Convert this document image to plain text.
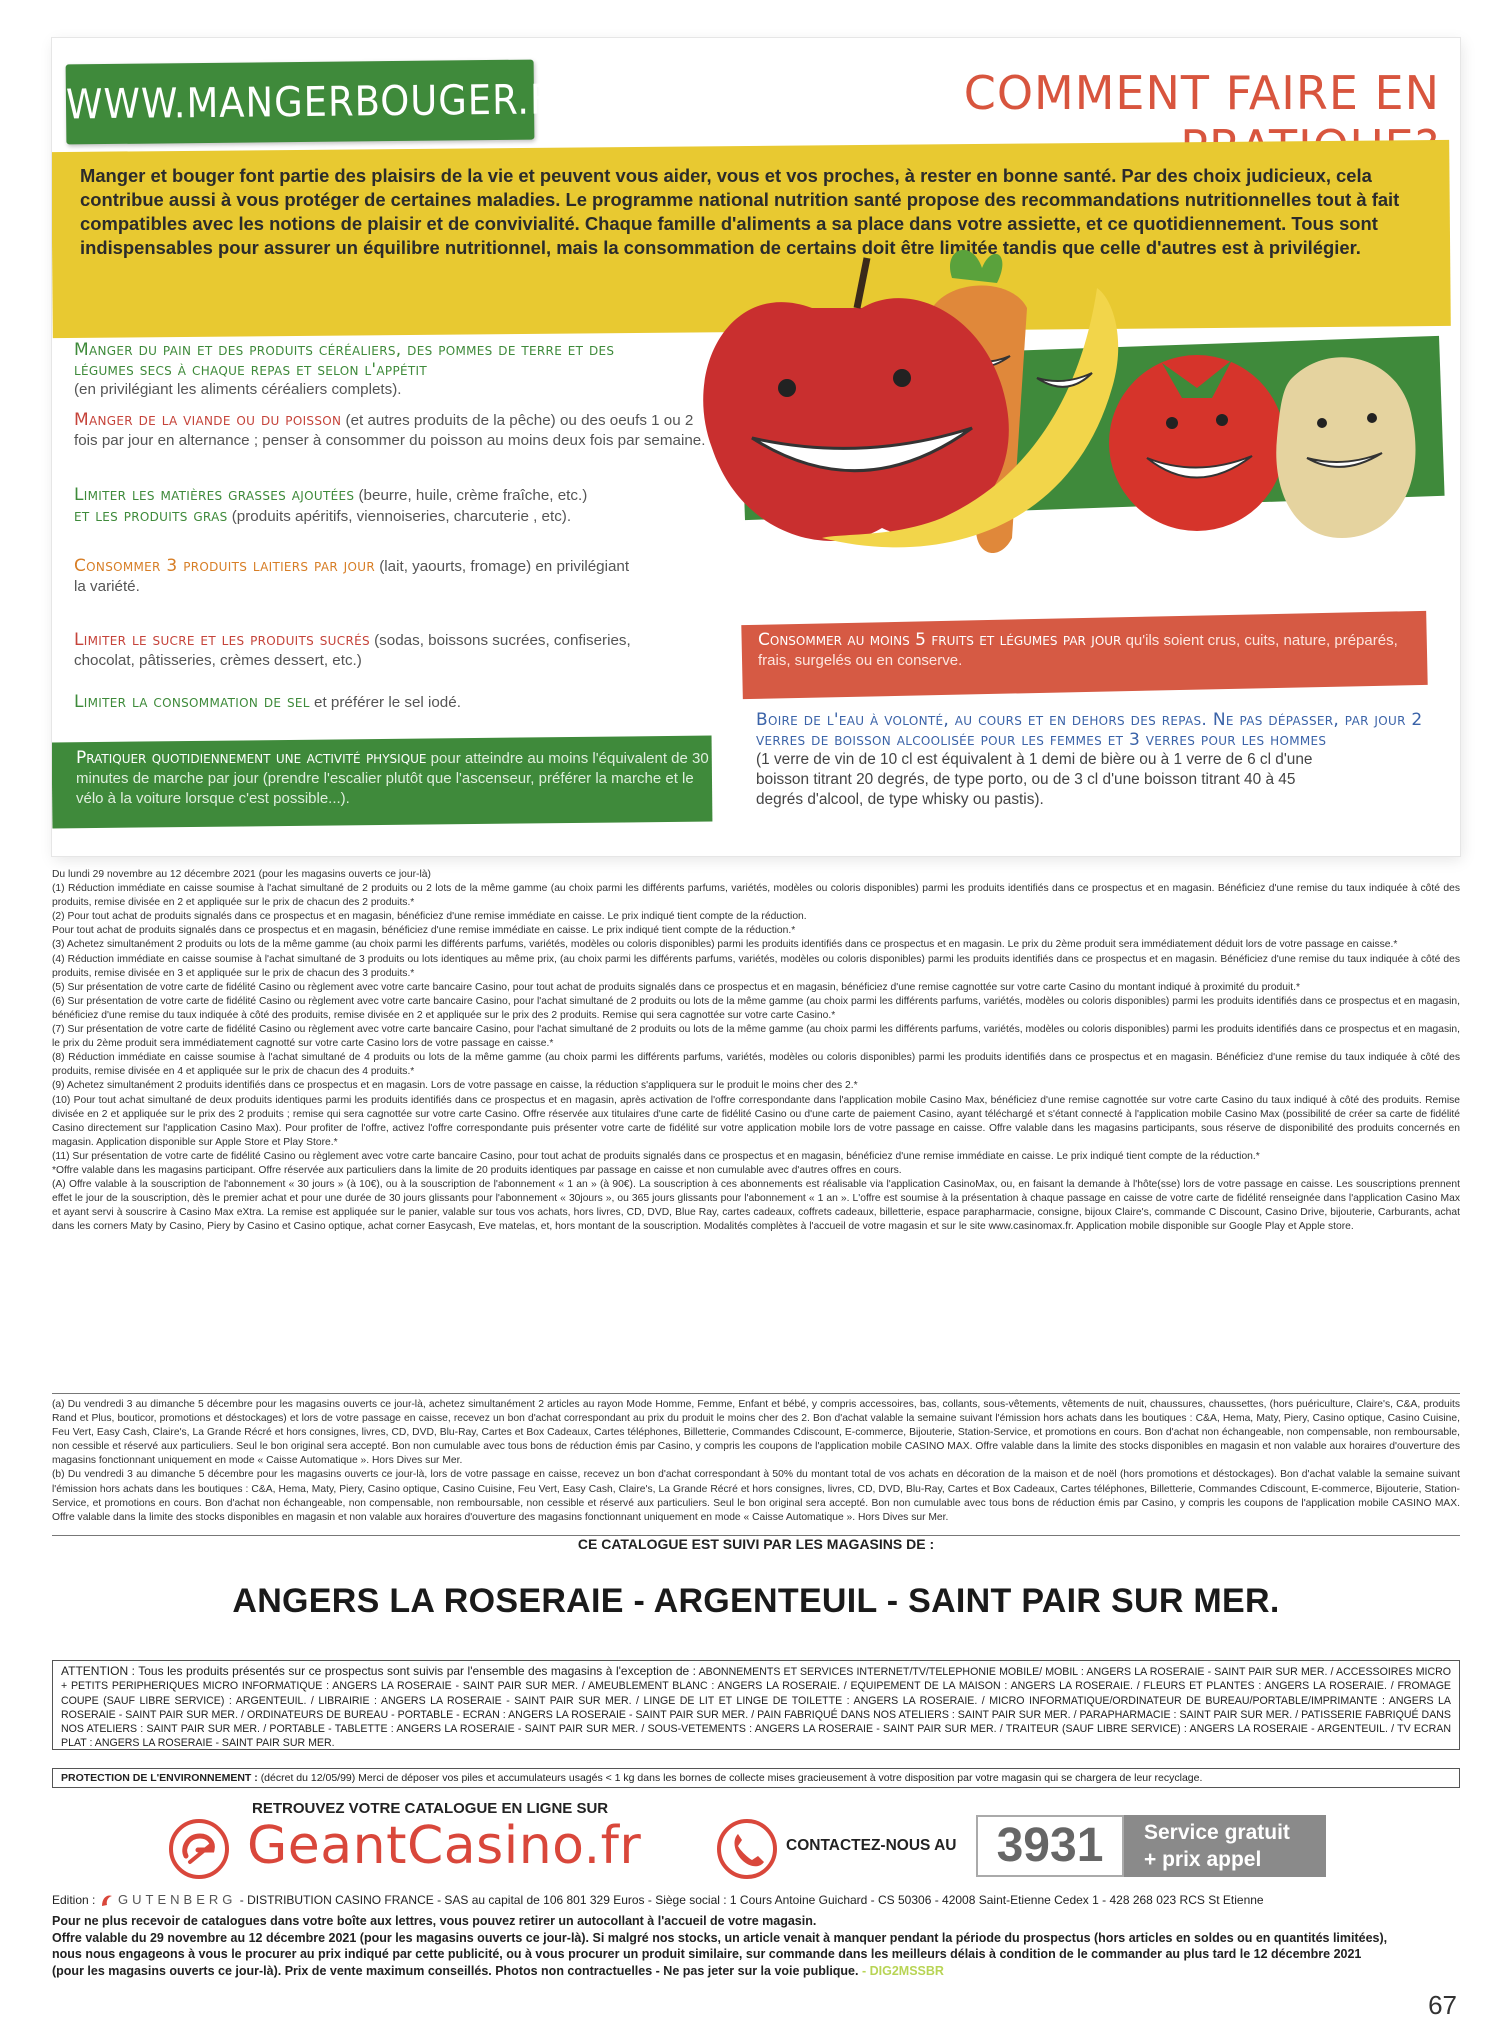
WWW.MANGERBOUGER.FR	COMMENT FAIRE EN
Manger et bouger font partie des plaisirs de la vie et peuvent vous aider, vous et vos proches, à rester en bonne santé. Par des choix judicieux, cela contribue aussi à vous protéger de certaines maladies. Le programme national nutrition santé propose des recommandations nutritionnelles tout à fait compatibles avec les notions de plaisir et de convivialité. Chaque famille d'aliments a sa place dans votre assiette, et ce quotidiennement. Tous sont indispensables pour assurer un équilibre nutritionnel, mais la consommation de certains doit être limitée tandis que celle d'autres est à privilégier.
Manger du pain et des produits céréaliers, des pommes de terre et des légumes secs à chaque repas et selon l'appétit
(en privilégiant les aliments céréaliers complets).
Manger de la viande ou du poisson (et autres produits de la pêche) ou des oeufs 1 ou 2 fois par jour en alternance ; penser à consommer du poisson au moins deux fois par semaine.
Limiter les matières grasses ajoutées (beurre, huile, crème fraîche, etc.)
et les produits gras (produits apéritifs, viennoiseries, charcuterie , etc).
Consommer 3 produits laitiers par jour (lait, yaourts, fromage) en privilégiant la variété.
Limiter le sucre et les produits sucrés (sodas, boissons sucrées, confiseries, chocolat, pâtisseries, crèmes dessert, etc.)
Limiter la consommation de sel et préférer le sel iodé.
Pratiquer quotidiennement une activité physique pour atteindre au moins l'équivalent de 30 minutes de marche par jour (prendre l'escalier plutôt que l'ascenseur, préférer la marche et le vélo à la voiture lorsque c'est possible...).
Consommer au moins 5 fruits et légumes par jour qu'ils soient crus, cuits, nature, préparés, frais, surgelés ou en conserve.
Boire de l'eau à volonté, au cours et en dehors des repas. Ne pas dépasser, par jour 2 verres de boisson alcoolisée pour les femmes et 3 verres pour les hommes
(1 verre de vin de 10 cl est équivalent à 1 demi de bière ou à 1 verre de 6 cl d'une boisson titrant 20 degrés, de type porto, ou de 3 cl d'une boisson titrant 40 à 45 degrés d'alcool, de type whisky ou pastis).

Du lundi 29 novembre au 12 décembre 2021 (pour les magasins ouverts ce jour-là)

(1) Réduction immédiate en caisse soumise à l'achat simultané de 2 produits ou 2 lots de la même gamme (au choix parmi les différents parfums, variétés, modèles ou coloris disponibles) parmi les produits identifiés dans ce prospectus et en magasin. Bénéficiez d'une remise du taux indiquée à côté des produits, remise divisée en 2 et appliquée sur le prix de chacun des 2 produits.*

(2) Pour tout achat de produits signalés dans ce prospectus et en magasin, bénéficiez d'une remise immédiate en caisse. Le prix indiqué tient compte de la réduction.

Pour tout achat de produits signalés dans ce prospectus et en magasin, bénéficiez d'une remise immédiate en caisse. Le prix indiqué tient compte de la réduction.*

(3) Achetez simultanément 2 produits ou lots de la même gamme (au choix parmi les différents parfums, variétés, modèles ou coloris disponibles) parmi les produits identifiés dans ce prospectus et en magasin. Le prix du 2ème produit sera immédiatement déduit lors de votre passage en caisse.*

(4) Réduction immédiate en caisse soumise à l'achat simultané de 3 produits ou lots identiques au même prix, (au choix parmi les différents parfums, variétés, modèles ou coloris disponibles) parmi les produits identifiés dans ce prospectus et en magasin. Bénéficiez d'une remise du taux indiquée à côté des produits, remise divisée en 3 et appliquée sur le prix de chacun des 3 produits.*

(5) Sur présentation de votre carte de fidélité Casino ou règlement avec votre carte bancaire Casino, pour tout achat de produits signalés dans ce prospectus et en magasin, bénéficiez d'une remise cagnottée sur votre carte Casino du montant indiqué à proximité du produit.*

(6) Sur présentation de votre carte de fidélité Casino ou règlement avec votre carte bancaire Casino, pour l'achat simultané de 2 produits ou lots de la même gamme (au choix parmi les différents parfums, variétés, modèles ou coloris disponibles) parmi les produits identifiés dans ce prospectus et en magasin, bénéficiez d'une remise du taux indiquée à côté des produits, remise divisée en 2 et appliquée sur le prix des 2 produits. Remise qui sera cagnottée sur votre carte Casino.*

(7) Sur présentation de votre carte de fidélité Casino ou règlement avec votre carte bancaire Casino, pour l'achat simultané de 2 produits ou lots de la même gamme (au choix parmi les différents parfums, variétés, modèles ou coloris disponibles) parmi les produits identifiés dans ce prospectus et en magasin, le prix du 2ème produit sera immédiatement cagnotté sur votre carte Casino lors de votre passage en caisse.*

(8) Réduction immédiate en caisse soumise à l'achat simultané de 4 produits ou lots de la même gamme (au choix parmi les différents parfums, variétés, modèles ou coloris disponibles) parmi les produits identifiés dans ce prospectus et en magasin. Bénéficiez d'une remise du taux indiquée à côté des produits, remise divisée en 4 et appliquée sur le prix de chacun des 4 produits.*

(9) Achetez simultanément 2 produits identifiés dans ce prospectus et en magasin. Lors de votre passage en caisse, la réduction s'appliquera sur le produit le moins cher des 2.*

(10) Pour tout achat simultané de deux produits identiques parmi les produits identifiés dans ce prospectus et en magasin, après activation de l'offre correspondante dans l'application mobile Casino Max, bénéficiez d'une remise cagnottée sur votre carte Casino du taux indiqué à côté des produits. Remise divisée en 2 et appliquée sur le prix des 2 produits ; remise qui sera cagnottée sur votre carte Casino. Offre réservée aux titulaires d'une carte de fidélité Casino ou d'une carte de paiement Casino, ayant téléchargé et s'étant connecté à l'application mobile Casino Max (possibilité de créer sa carte de fidélité Casino directement sur l'application Casino Max). Pour profiter de l'offre, activez l'offre correspondante puis présenter votre carte de fidélité sur votre application mobile lors de votre passage en caisse. Offre valable dans les magasins participants, sous réserve de disponibilité des produits concernés en magasin. Application disponible sur Apple Store et Play Store.*

(11) Sur présentation de votre carte de fidélité Casino ou règlement avec votre carte bancaire Casino, pour tout achat de produits signalés dans ce prospectus et en magasin, bénéficiez d'une remise immédiate en caisse. Le prix indiqué tient compte de la réduction.*

*Offre valable dans les magasins participant. Offre réservée aux particuliers dans la limite de 20 produits identiques par passage en caisse et non cumulable avec d'autres offres en cours.

(A) Offre valable à la souscription de l'abonnement « 30 jours » (à 10€), ou à la souscription de l'abonnement « 1 an » (à 90€). La souscription à ces abonnements est réalisable via l'application CasinoMax, ou, en faisant la demande à l'hôte(sse) lors de votre passage en caisse. Les souscriptions prennent effet le jour de la souscription, dès le premier achat et pour une durée de 30 jours glissants pour l'abonnement « 30jours », ou 365 jours glissants pour l'abonnement « 1 an ». L'offre est soumise à la présentation à chaque passage en caisse de votre carte de fidélité renseignée dans l'application Casino Max et ayant servi à souscrire à Casino Max eXtra. La remise est appliquée sur le panier, valable sur tous vos achats, hors livres, CD, DVD, Blue Ray, cartes cadeaux, coffrets cadeaux, billetterie, espace parapharmacie, consigne, bijoux Claire's, commande C Discount, Casino Drive, bijouterie, Carburants, achat dans les corners Maty by Casino, Piery by Casino et Casino optique, achat corner Easycash, Eve matelas, et, hors montant de la souscription. Modalités complètes à l'accueil de votre magasin et sur le site www.casinomax.fr. Application mobile disponible sur Google Play et Apple store.

(a) Du vendredi 3 au dimanche 5 décembre pour les magasins ouverts ce jour-là, achetez simultanément 2 articles au rayon Mode Homme, Femme, Enfant et bébé, y compris accessoires, bas, collants, sous-vêtements, vêtements de nuit, chaussures, chaussettes, (hors puériculture, Claire's, C&A, produits Rand et Plus, bouticor, promotions et déstockages) et lors de votre passage en caisse, recevez un bon d'achat correspondant au prix du produit le moins cher des 2. Bon d'achat valable la semaine suivant l'émission hors achats dans les boutiques : C&A, Hema, Maty, Piery, Casino optique, Casino Cuisine, Feu Vert, Easy Cash, Claire's, La Grande Récré et hors consignes, livres, CD, DVD, Blu-Ray, Cartes et Box Cadeaux, Cartes téléphones, Billetterie, Commandes Cdiscount, E-commerce, Bijouterie, Station-Service, et promotions en cours. Bon d'achat non échangeable, non compensable, non remboursable, non cessible et réservé aux particuliers. Seul le bon original sera accepté. Bon non cumulable avec tous bons de réduction émis par Casino, y compris les coupons de l'application mobile CASINO MAX. Offre valable dans la limite des stocks disponibles en magasin et non valable aux horaires d'ouverture des magasins fonctionnant uniquement en mode « Caisse Automatique ». Hors Dives sur Mer.

(b) Du vendredi 3 au dimanche 5 décembre pour les magasins ouverts ce jour-là, lors de votre passage en caisse, recevez un bon d'achat correspondant à 50% du montant total de vos achats en décoration de la maison et de noël (hors promotions et déstockages). Bon d'achat valable la semaine suivant l'émission hors achats dans les boutiques : C&A, Hema, Maty, Piery, Casino optique, Casino Cuisine, Feu Vert, Easy Cash, Claire's, La Grande Récré et hors consignes, livres, CD, DVD, Blu-Ray, Cartes et Box Cadeaux, Cartes téléphones, Billetterie, Commandes Cdiscount, E-commerce, Bijouterie, Station-Service, et promotions en cours. Bon d'achat non échangeable, non compensable, non remboursable, non cessible et réservé aux particuliers. Seul le bon original sera accepté. Bon non cumulable avec tous bons de réduction émis par Casino, y compris les coupons de l'application mobile CASINO MAX. Offre valable dans la limite des stocks disponibles en magasin et non valable aux horaires d'ouverture des magasins fonctionnant uniquement en mode « Caisse Automatique ». Hors Dives sur Mer.

CE CATALOGUE EST SUIVI PAR LES MAGASINS DE :
ANGERS LA ROSERAIE - ARGENTEUIL - SAINT PAIR SUR MER.
ATTENTION : Tous les produits présentés sur ce prospectus sont suivis par l'ensemble des magasins à l'exception de : ABONNEMENTS ET SERVICES INTERNET/TV/TELEPHONIE MOBILE/ MOBIL : ANGERS LA ROSERAIE - SAINT PAIR SUR MER. / ACCESSOIRES MICRO + PETITS PERIPHERIQUES MICRO INFORMATIQUE : ANGERS LA ROSERAIE - SAINT PAIR SUR MER. / AMEUBLEMENT BLANC : ANGERS LA ROSERAIE. / EQUIPEMENT DE LA MAISON : ANGERS LA ROSERAIE. / FLEURS ET PLANTES : ANGERS LA ROSERAIE. / FROMAGE COUPE (SAUF LIBRE SERVICE) : ARGENTEUIL. / LIBRAIRIE : ANGERS LA ROSERAIE - SAINT PAIR SUR MER. / LINGE DE LIT ET LINGE DE TOILETTE : ANGERS LA ROSERAIE. / MICRO INFORMATIQUE/ORDINATEUR DE BUREAU/PORTABLE/IMPRIMANTE : ANGERS LA ROSERAIE - SAINT PAIR SUR MER. / ORDINATEURS DE BUREAU - PORTABLE - ECRAN : ANGERS LA ROSERAIE - SAINT PAIR SUR MER. / PAIN FABRIQUÉ DANS NOS ATELIERS : SAINT PAIR SUR MER. / PARAPHARMACIE : SAINT PAIR SUR MER. / PATISSERIE FABRIQUÉ DANS NOS ATELIERS : SAINT PAIR SUR MER. / PORTABLE - TABLETTE : ANGERS LA ROSERAIE - SAINT PAIR SUR MER. / SOUS-VETEMENTS : ANGERS LA ROSERAIE - SAINT PAIR SUR MER. / TRAITEUR (SAUF LIBRE SERVICE) : ANGERS LA ROSERAIE - ARGENTEUIL. / TV ECRAN PLAT : ANGERS LA ROSERAIE - SAINT PAIR SUR MER.
PROTECTION DE L'ENVIRONNEMENT : (décret du 12/05/99) Merci de déposer vos piles et accumulateurs usagés < 1 kg dans les bornes de collecte mises gracieusement à votre disposition par votre magasin qui se chargera de leur recyclage.
RETROUVEZ VOTRE CATALOGUE EN LIGNE SUR
GeantCasino.fr	CONTACTEZ-NOUS AU 3931	Service gratuit
+ prix appel
Edition : GUTENBERG - DISTRIBUTION CASINO FRANCE - SAS au capital de 106 801 329 Euros - Siège social : 1 Cours Antoine Guichard - CS 50306 - 42008 Saint-Etienne Cedex 1 - 428 268 023 RCS St Etienne
Pour ne plus recevoir de catalogues dans votre boîte aux lettres, vous pouvez retirer un autocollant à l'accueil de votre magasin.
Offre valable du 29 novembre au 12 décembre 2021 (pour les magasins ouverts ce jour-là). Si malgré nos stocks, un article venait à manquer pendant la période du prospectus (hors articles en soldes ou en quantités limitées), nous nous engageons à vous le procurer au prix indiqué par cette publicité, ou à vous procurer un produit similaire, sur commande dans les meilleurs délais à condition de le commander au plus tard le 12 décembre 2021 (pour les magasins ouverts ce jour-là). Prix de vente maximum conseillés. Photos non contractuelles - Ne pas jeter sur la voie publique. - DIG2MSSBR
67
